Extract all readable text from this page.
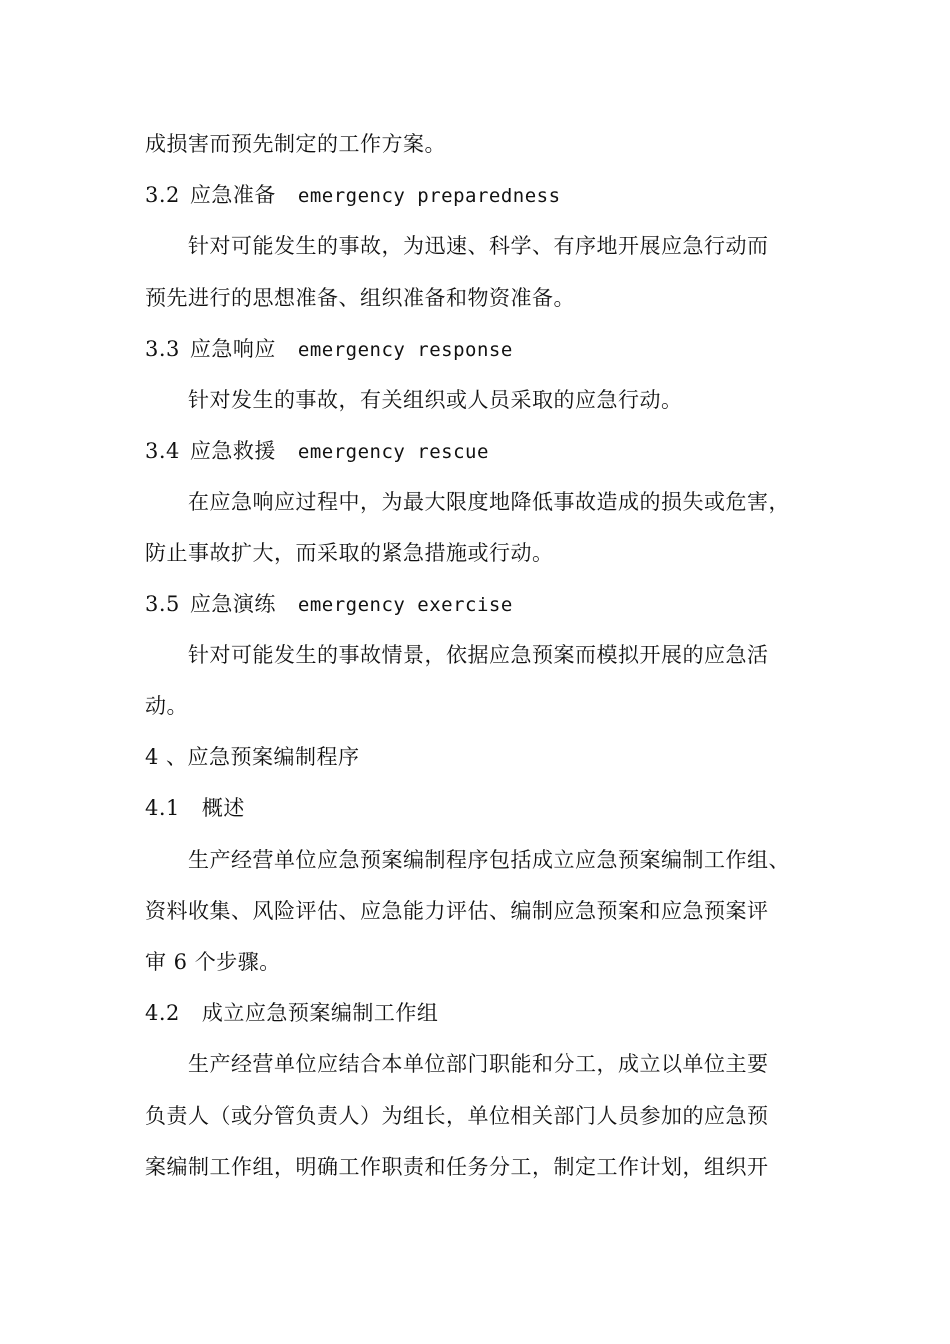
成损害而预先制定的工作方案。
3.2 应急准备 emergency preparedness
针对可能发生的事故，为迅速、科学、有序地开展应急行动而
预先进行的思想准备、组织准备和物资准备。
3.3 应急响应 emergency response
针对发生的事故，有关组织或人员采取的应急行动。
3.4 应急救援 emergency rescue
在应急响应过程中，为最大限度地降低事故造成的损失或危害，
防止事故扩大，而采取的紧急措施或行动。
3.5 应急演练 emergency exercise
针对可能发生的事故情景，依据应急预案而模拟开展的应急活
动。
4 、应急预案编制程序
4.1 概述
生产经营单位应急预案编制程序包括成立应急预案编制工作组、
资料收集、风险评估、应急能力评估、编制应急预案和应急预案评
审 6 个步骤。
4.2 成立应急预案编制工作组
生产经营单位应结合本单位部门职能和分工，成立以单位主要
负责人（或分管负责人）为组长，单位相关部门人员参加的应急预
案编制工作组，明确工作职责和任务分工，制定工作计划，组织开
